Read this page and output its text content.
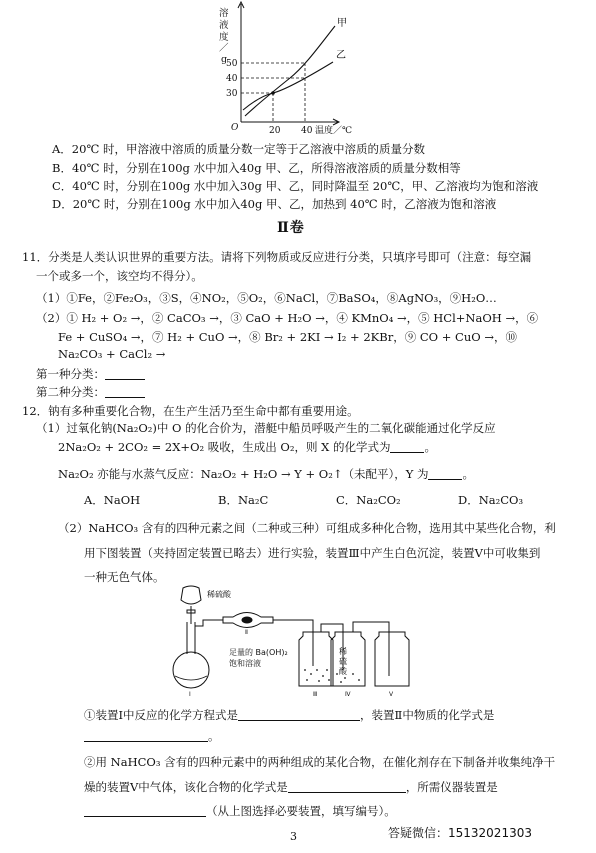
溶
液
度
／
g
甲
乙
50
40
30
20 40 温度／℃
O
A．20℃ 时，甲溶液中溶质的质量分数一定等于乙溶液中溶质的质量分数
B．40℃ 时，分别在100g 水中加入40g 甲、乙，所得溶液溶质的质量分数相等
C．40℃ 时，分别在100g 水中加入30g 甲、乙，同时降温至 20℃，甲、乙溶液均为饱和溶液
D．20℃ 时，分别在100g 水中加入40g 甲、乙，加热到 40℃ 时，乙溶液为饱和溶液
Ⅱ卷
11．分类是人类认识世界的重要方法。请将下列物质或反应进行分类，只填序号即可（注意：每空漏
一个或多一个，该空均不得分）。
（1）①Fe，②Fe₂O₃，③S，④NO₂，⑤O₂，⑥NaCl，⑦BaSO₄，⑧AgNO₃，⑨H₂O…
（2）① H₂ + O₂ →，② CaCO₃ →，③ CaO + H₂O →，④ KMnO₄ →，⑤ HCl+NaOH →，⑥
Fe + CuSO₄ →，⑦ H₂ + CuO →，⑧ Br₂ + 2KI → I₂ + 2KBr，⑨ CO + CuO →，⑩
Na₂CO₃ + CaCl₂ →
第一种分类：
第二种分类：
12．钠有多种重要化合物，在生产生活乃至生命中都有重要用途。
（1）过氧化钠(Na₂O₂)中 O 的化合价为，潜艇中船员呼吸产生的二氧化碳能通过化学反应
2Na₂O₂ + 2CO₂ = 2X+O₂ 吸收，生成出 O₂，则 X 的化学式为	。
Na₂O₂ 亦能与水蒸气反应：Na₂O₂ + H₂O → Y + O₂↑（未配平），Y 为	。
A．NaOH	B．Na₂C	C．Na₂CO₂	D．Na₂CO₃
（2）NaHCO₃ 含有的四种元素之间（二种或三种）可组成多种化合物，选用其中某些化合物，利
用下图装置（夹持固定装置已略去）进行实验，装置Ⅲ中产生白色沉淀，装置Ⅴ中可收集到
一种无色气体。
稀硫酸
足量的 Ba(OH)₂
饱和溶液
稀
硫
酸
Ⅰ
Ⅱ
Ⅲ	Ⅳ	Ⅴ
①装置Ⅰ中反应的化学方程式是	，装置Ⅱ中物质的化学式是
。
②用 NaHCO₃ 含有的四种元素中的两种组成的某化合物，在催化剂存在下制备并收集纯净干
燥的装置Ⅴ中气体，该化合物的化学式是	，所需仪器装置是
（从上图选择必要装置，填写编号）。
3	答疑微信：15132021303
